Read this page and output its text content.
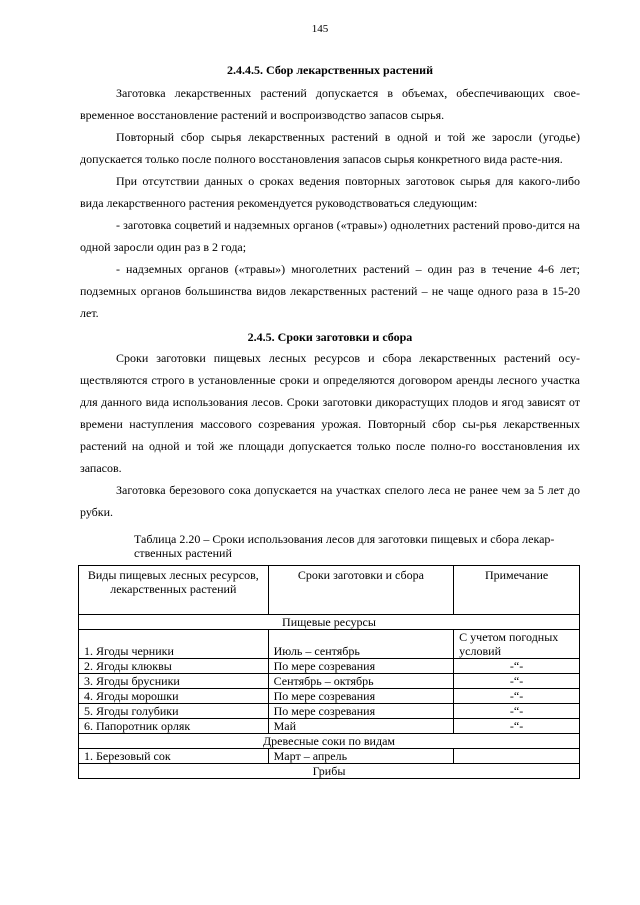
145
2.4.4.5. Сбор лекарственных растений

Заготовка лекарственных растений допускается в объемах, обеспечивающих свое-временное восстановление растений и воспроизводство запасов сырья.

Повторный сбор сырья лекарственных растений в одной и той же заросли (угодье) допускается только после полного восстановления запасов сырья конкретного вида расте-ния.

При отсутствии данных о сроках ведения повторных заготовок сырья для какого-либо вида лекарственного растения рекомендуется руководствоваться следующим:

- заготовка соцветий и надземных органов («травы») однолетних растений прово-дится на одной заросли один раз в 2 года;

- надземных органов («травы») многолетних растений – один раз в течение 4-6 лет; подземных органов большинства видов лекарственных растений – не чаще одного раза в 15-20 лет.

2.4.5. Сроки заготовки и сбора

Сроки заготовки пищевых лесных ресурсов и сбора лекарственных растений осу-ществляются строго в установленные сроки и определяются договором аренды лесного участка для данного вида использования лесов. Сроки заготовки дикорастущих плодов и ягод зависят от времени наступления массового созревания урожая. Повторный сбор сы-рья лекарственных растений на одной и той же площади допускается только после полно-го восстановления их запасов.

Заготовка березового сока допускается на участках спелого леса не ранее чем за 5 лет до рубки.

Таблица 2.20 – Сроки использования лесов для заготовки пищевых и сбора лекар-ственных растений

Виды пищевых лесных ресурсов, лекарственных растений	Сроки заготовки и сбора	Примечание
Пищевые ресурсы		
1. Ягоды черники	Июль – сентябрь	С учетом погодных условий
2. Ягоды клюквы	По мере созревания	-“-
3. Ягоды брусники	Сентябрь – октябрь	-“-
4. Ягоды морошки	По мере созревания	-“-
5. Ягоды голубики	По мере созревания	-“-
6. Папоротник орляк	Май	-“-
Древесные соки по видам		
1. Березовый сок	Март – апрель	
Грибы		
